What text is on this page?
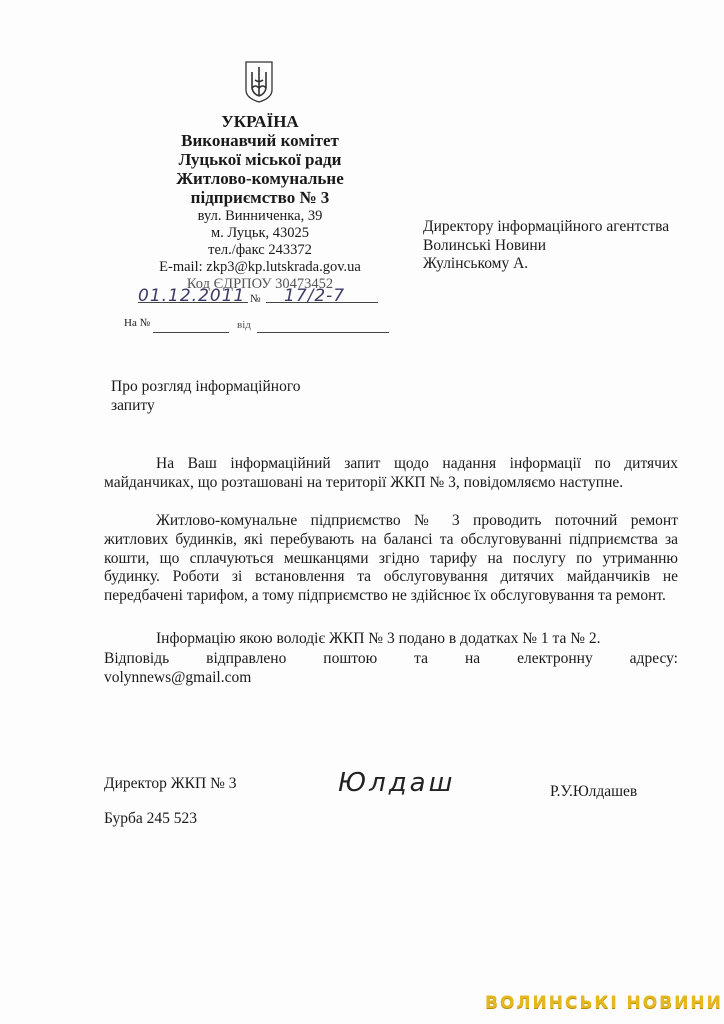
УКРАЇНА
Виконавчий комітет
Луцької міської ради
Житлово-комунальне
підприємство № 3
вул. Винниченка, 39
м. Луцьк, 43025
тел./факс 243372
E-mail: zkp3@kp.lutskrada.gov.ua
Код ЄДРПОУ 30473452
01.12.2011 №	17/2-7
На №	від
Директору інформаційного агентства
Волинські Новини
Жулінському А.
Про розгляд інформаційного
запиту

На Ваш інформаційний запит щодо надання інформації по дитячих майданчиках, що розташовані на території ЖКП № 3, повідомляємо наступне.

Житлово-комунальне підприємство № 3 проводить поточний ремонт житлових будинків, які перебувають на балансі та обслуговуванні підприємства за кошти, що сплачуються мешканцями згідно тарифу на послугу по утриманню будинку. Роботи зі встановлення та обслуговування дитячих майданчиків не передбачені тарифом, а тому підприємство не здійснює їх обслуговування та ремонт.

Інформацію якою володіє ЖКП № 3 подано в додатках № 1 та № 2.

Відповідь відправлено поштою та на електронну адресу:
volynnews@gmail.com
Директор ЖКП № 3	Юлдаш	Р.У.Юлдашев
Бурба 245 523
ВОЛИНСЬКІ НОВИНИ
